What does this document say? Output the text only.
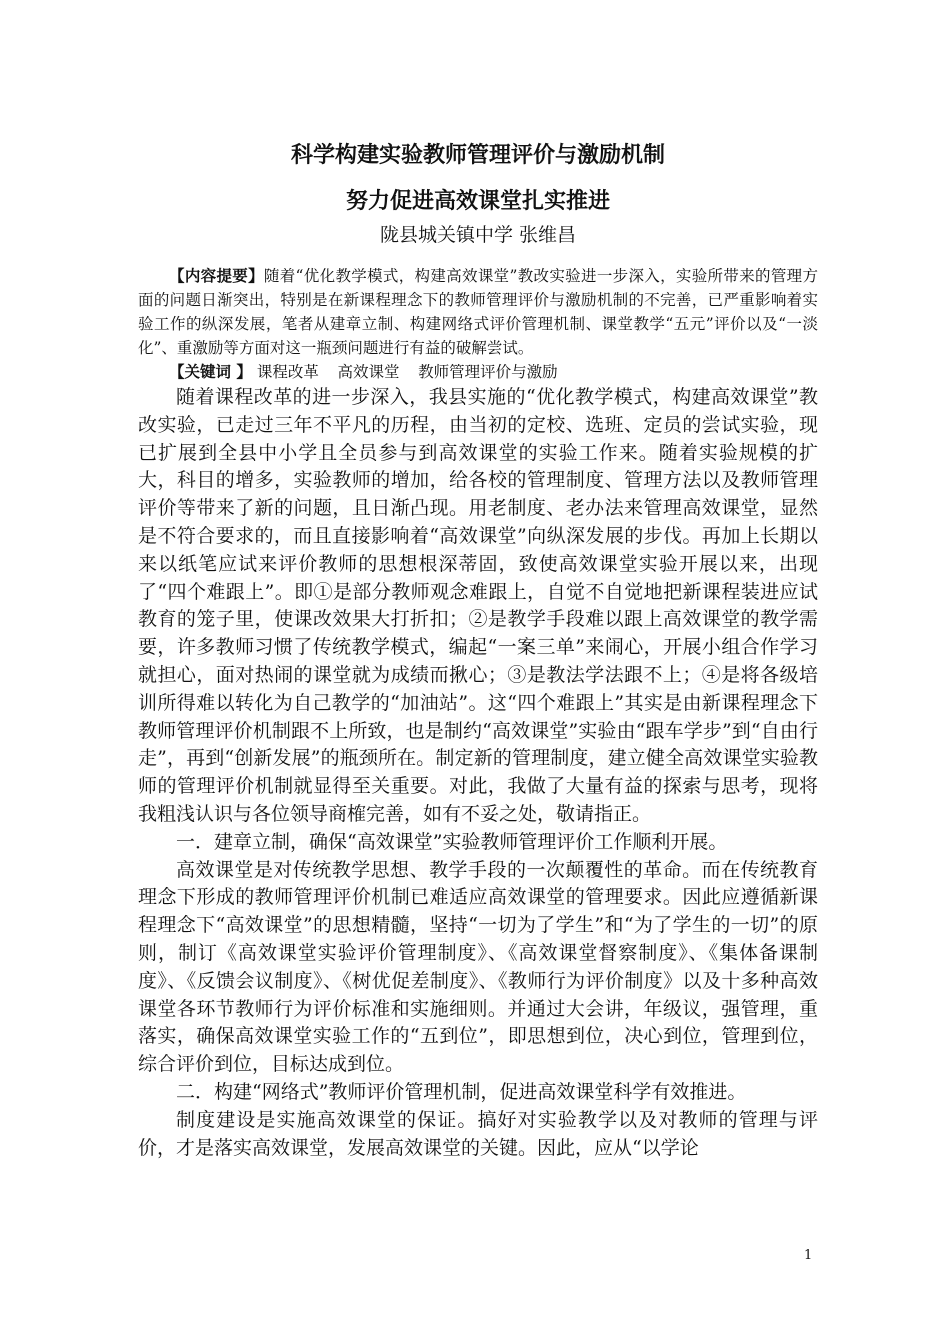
科学构建实验教师管理评价与激励机制
努力促进高效课堂扎实推进
陇县城关镇中学 张维昌

【内容提要】随着“优化教学模式，构建高效课堂”教改实验进一步深入，实验所带来的管理方面的问题日渐突出，特别是在新课程理念下的教师管理评价与激励机制的不完善，已严重影响着实验工作的纵深发展，笔者从建章立制、构建网络式评价管理机制、课堂教学“五元”评价以及“一淡化”、重激励等方面对这一瓶颈问题进行有益的破解尝试。

【关键词 】 课程改革 高效课堂 教师管理评价与激励

随着课程改革的进一步深入，我县实施的“优化教学模式，构建高效课堂”教改实验，已走过三年不平凡的历程，由当初的定校、选班、定员的尝试实验，现已扩展到全县中小学且全员参与到高效课堂的实验工作来。随着实验规模的扩大，科目的增多，实验教师的增加，给各校的管理制度、管理方法以及教师管理评价等带来了新的问题，且日渐凸现。用老制度、老办法来管理高效课堂，显然是不符合要求的，而且直接影响着“高效课堂”向纵深发展的步伐。再加上长期以来以纸笔应试来评价教师的思想根深蒂固，致使高效课堂实验开展以来，出现了“四个难跟上”。即①是部分教师观念难跟上，自觉不自觉地把新课程装进应试教育的笼子里，使课改效果大打折扣；②是教学手段难以跟上高效课堂的教学需要，许多教师习惯了传统教学模式，编起“一案三单”来闹心，开展小组合作学习就担心，面对热闹的课堂就为成绩而揪心；③是教法学法跟不上；④是将各级培训所得难以转化为自己教学的“加油站”。这“四个难跟上”其实是由新课程理念下教师管理评价机制跟不上所致，也是制约“高效课堂”实验由“跟车学步”到“自由行走”，再到“创新发展”的瓶颈所在。制定新的管理制度，建立健全高效课堂实验教师的管理评价机制就显得至关重要。对此，我做了大量有益的探索与思考，现将我粗浅认识与各位领导商榷完善，如有不妥之处，敬请指正。

一．建章立制，确保“高效课堂”实验教师管理评价工作顺利开展。

高效课堂是对传统教学思想、教学手段的一次颠覆性的革命。而在传统教育理念下形成的教师管理评价机制已难适应高效课堂的管理要求。因此应遵循新课程理念下“高效课堂”的思想精髓，坚持“一切为了学生”和“为了学生的一切”的原则，制订《高效课堂实验评价管理制度》、《高效课堂督察制度》、《集体备课制度》、《反馈会议制度》、《树优促差制度》、《教师行为评价制度》以及十多种高效课堂各环节教师行为评价标准和实施细则。并通过大会讲，年级议，强管理，重落实，确保高效课堂实验工作的“五到位”，即思想到位，决心到位，管理到位，综合评价到位，目标达成到位。

二．构建“网络式”教师评价管理机制，促进高效课堂科学有效推进。

制度建设是实施高效课堂的保证。搞好对实验教学以及对教师的管理与评价，才是落实高效课堂，发展高效课堂的关键。因此，应从“以学论

1
